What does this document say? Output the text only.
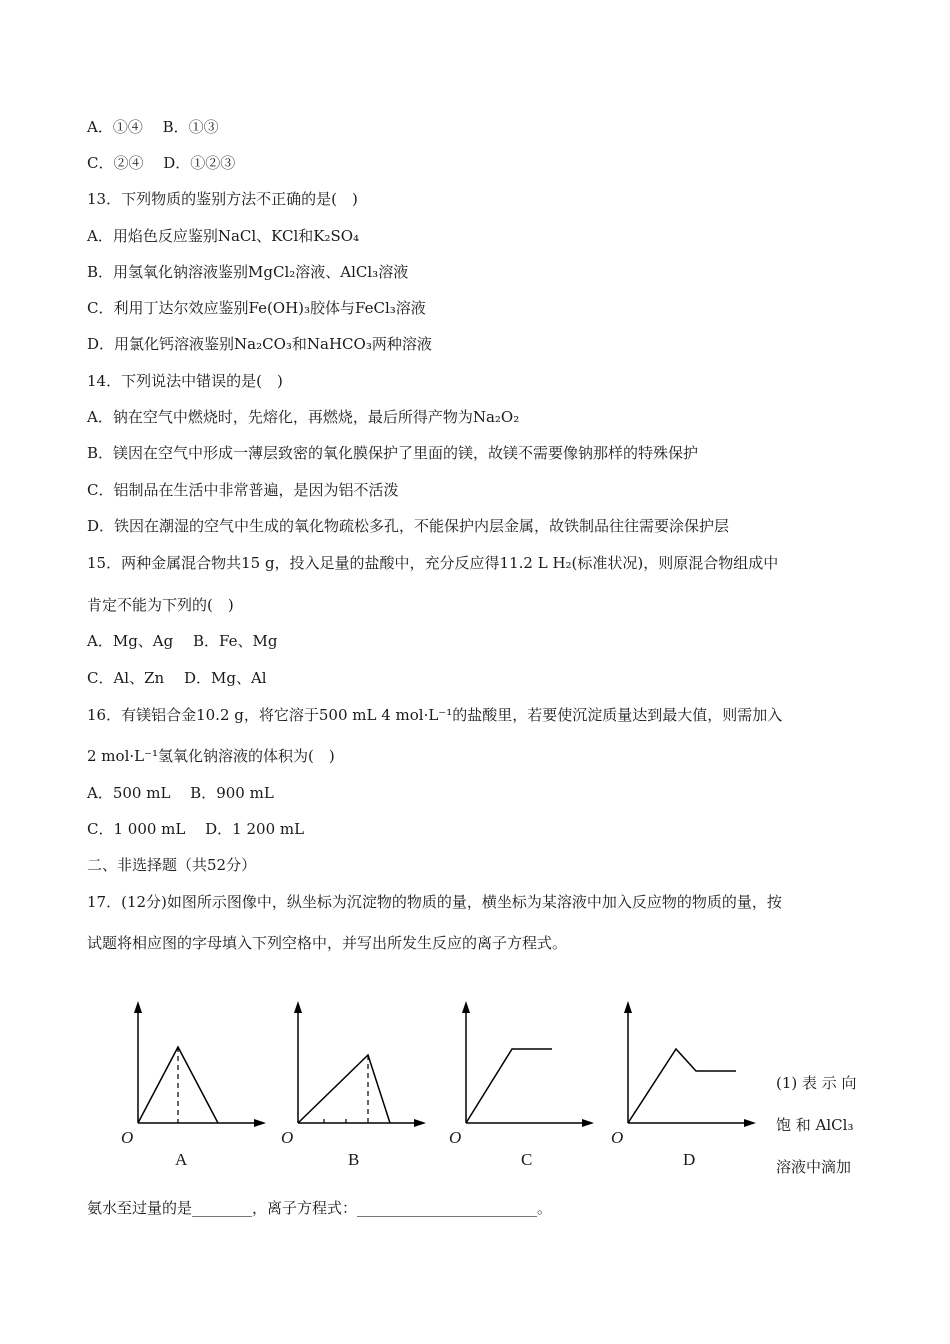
A．①④　 B．①③
C．②④　 D．①②③
13．下列物质的鉴别方法不正确的是(　)
A．用焰色反应鉴别NaCl、KCl和K₂SO₄
B．用氢氧化钠溶液鉴别MgCl₂溶液、AlCl₃溶液
C．利用丁达尔效应鉴别Fe(OH)₃胶体与FeCl₃溶液
D．用氯化钙溶液鉴别Na₂CO₃和NaHCO₃两种溶液
14．下列说法中错误的是(　)
A．钠在空气中燃烧时，先熔化，再燃烧，最后所得产物为Na₂O₂
B．镁因在空气中形成一薄层致密的氧化膜保护了里面的镁，故镁不需要像钠那样的特殊保护
C．铝制品在生活中非常普遍，是因为铝不活泼
D．铁因在潮湿的空气中生成的氧化物疏松多孔，不能保护内层金属，故铁制品往往需要涂保护层
15．两种金属混合物共15 g，投入足量的盐酸中，充分反应得11.2 L H₂(标准状况)，则原混合物组成中
肯定不能为下列的(　)
A．Mg、Ag　 B．Fe、Mg
C．Al、Zn　 D．Mg、Al
16．有镁铝合金10.2 g，将它溶于500 mL 4 mol·L⁻¹的盐酸里，若要使沉淀质量达到最大值，则需加入
2 mol·L⁻¹氢氧化钠溶液的体积为(　)
A．500 mL　 B．900 mL
C．1 000 mL　 D．1 200 mL
二、非选择题（共52分）
17．(12分)如图所示图像中，纵坐标为沉淀物的物质的量，横坐标为某溶液中加入反应物的物质的量，按
试题将相应图的字母填入下列空格中，并写出所发生反应的离子方程式。
O
A
O
B
O
C
O
D
(1) 表 示 向
饱 和 AlCl₃
溶液中滴加
氨水至过量的是________，离子方程式：________________________。
